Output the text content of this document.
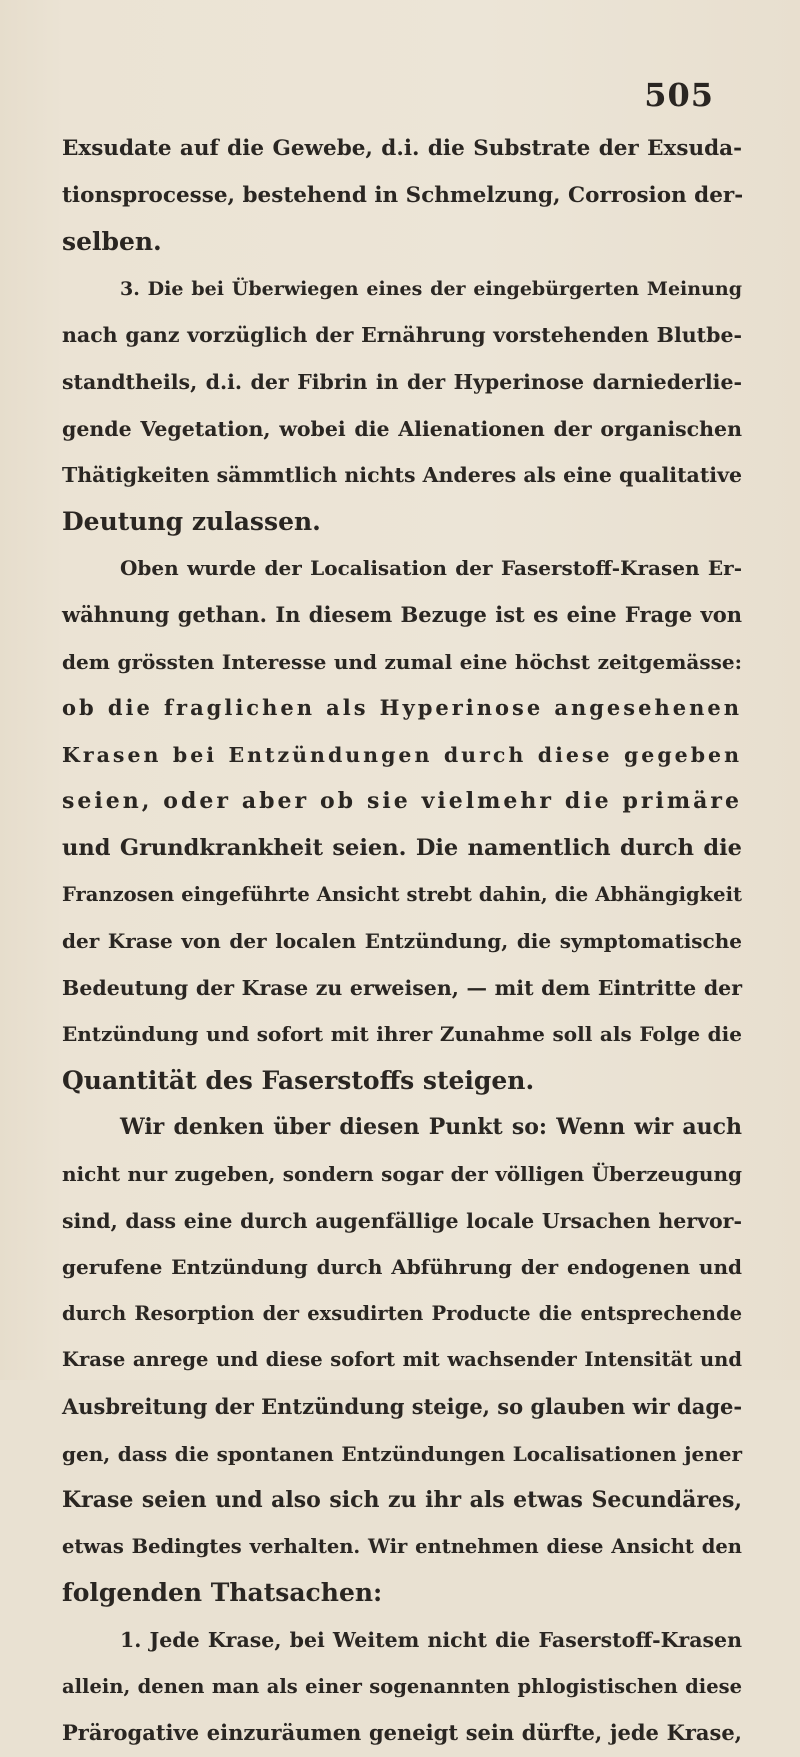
505
Exsudate auf die Gewebe, d.i. die Substrate der Exsuda-
tionsprocesse, bestehend in Schmelzung, Corrosion der-
selben.
3. Die bei Überwiegen eines der eingebürgerten Meinung
nach ganz vorzüglich der Ernährung vorstehenden Blutbe-
standtheils, d.i. der Fibrin in der Hyperinose darniederlie-
gende Vegetation, wobei die Alienationen der organischen
Thätigkeiten sämmtlich nichts Anderes als eine qualitative
Deutung zulassen.
Oben wurde der Localisation der Faserstoff-Krasen Er-
wähnung gethan. In diesem Bezuge ist es eine Frage von
dem grössten Interesse und zumal eine höchst zeitgemässe:
ob die fraglichen als Hyperinose angesehenen
Krasen bei Entzündungen durch diese gegeben
seien, oder aber ob sie vielmehr die primäre
und Grundkrankheit seien. Die namentlich durch die
Franzosen eingeführte Ansicht strebt dahin, die Abhängigkeit
der Krase von der localen Entzündung, die symptomatische
Bedeutung der Krase zu erweisen, — mit dem Eintritte der
Entzündung und sofort mit ihrer Zunahme soll als Folge die
Quantität des Faserstoffs steigen.
Wir denken über diesen Punkt so: Wenn wir auch
nicht nur zugeben, sondern sogar der völligen Überzeugung
sind, dass eine durch augenfällige locale Ursachen hervor-
gerufene Entzündung durch Abführung der endogenen und
durch Resorption der exsudirten Producte die entsprechende
Krase anrege und diese sofort mit wachsender Intensität und
Ausbreitung der Entzündung steige, so glauben wir dage-
gen, dass die spontanen Entzündungen Localisationen jener
Krase seien und also sich zu ihr als etwas Secundäres,
etwas Bedingtes verhalten. Wir entnehmen diese Ansicht den
folgenden Thatsachen:
1. Jede Krase, bei Weitem nicht die Faserstoff-Krasen
allein, denen man als einer sogenannten phlogistischen diese
Prärogative einzuräumen geneigt sein dürfte, jede Krase,
